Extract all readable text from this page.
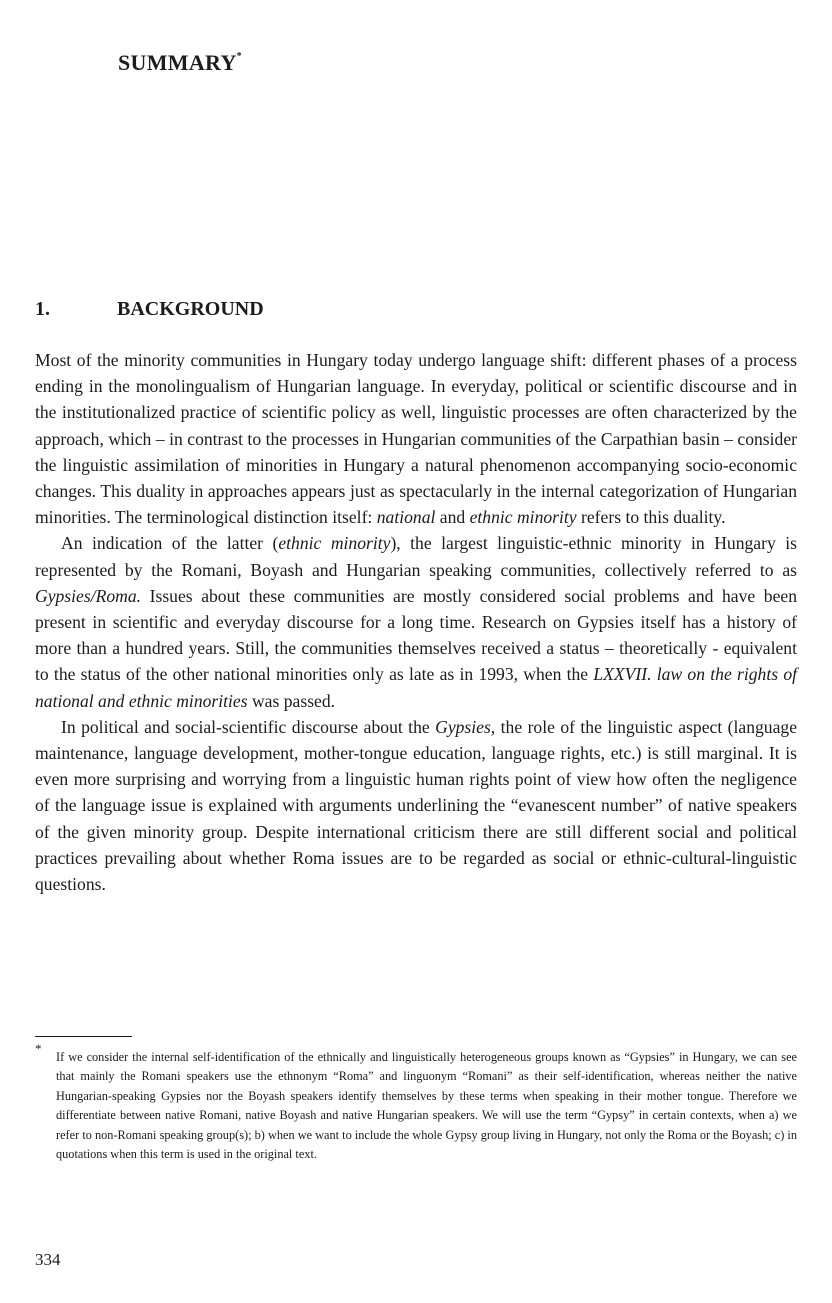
SUMMARY*
1.	BACKGROUND

Most of the minority communities in Hungary today undergo language shift: different phases of a process ending in the monolingualism of Hungarian language. In everyday, political or scientific discourse and in the institutionalized practice of scientific policy as well, linguistic processes are often characterized by the approach, which – in contrast to the processes in Hungarian communities of the Carpathian basin – consider the linguistic assimilation of minorities in Hungary a natural phenomenon accompanying socio-economic changes. This duality in approaches appears just as spectacularly in the internal categorization of Hungarian minorities. The terminological distinction itself: national and ethnic minority refers to this duality.

An indication of the latter (ethnic minority), the largest linguistic-ethnic minority in Hungary is represented by the Romani, Boyash and Hungarian speaking communities, collectively referred to as Gypsies/Roma. Issues about these communities are mostly considered social problems and have been present in scientific and everyday discourse for a long time. Research on Gypsies itself has a history of more than a hundred years. Still, the communities themselves received a status – theoretically - equivalent to the status of the other national minorities only as late as in 1993, when the LXXVII. law on the rights of national and ethnic minorities was passed.

In political and social-scientific discourse about the Gypsies, the role of the linguistic aspect (language maintenance, language development, mother-tongue education, language rights, etc.) is still marginal. It is even more surprising and worrying from a linguistic human rights point of view how often the negligence of the language issue is explained with arguments underlining the “evanescent number” of native speakers of the given minority group. Despite international criticism there are still different social and political practices prevailing about whether Roma issues are to be regarded as social or ethnic-cultural-linguistic questions.

*

If we consider the internal self-identification of the ethnically and linguistically heterogeneous groups known as “Gypsies” in Hungary, we can see that mainly the Romani speakers use the ethnonym “Roma” and linguonym “Romani” as their self-identification, whereas neither the native Hungarian-speaking Gypsies nor the Boyash speakers identify themselves by these terms when speaking in their mother tongue. Therefore we differentiate between native Romani, native Boyash and native Hungarian speakers. We will use the term “Gypsy” in certain contexts, when a) we refer to non-Romani speaking group(s); b) when we want to include the whole Gypsy group living in Hungary, not only the Roma or the Boyash; c) in quotations when this term is used in the original text.

334
